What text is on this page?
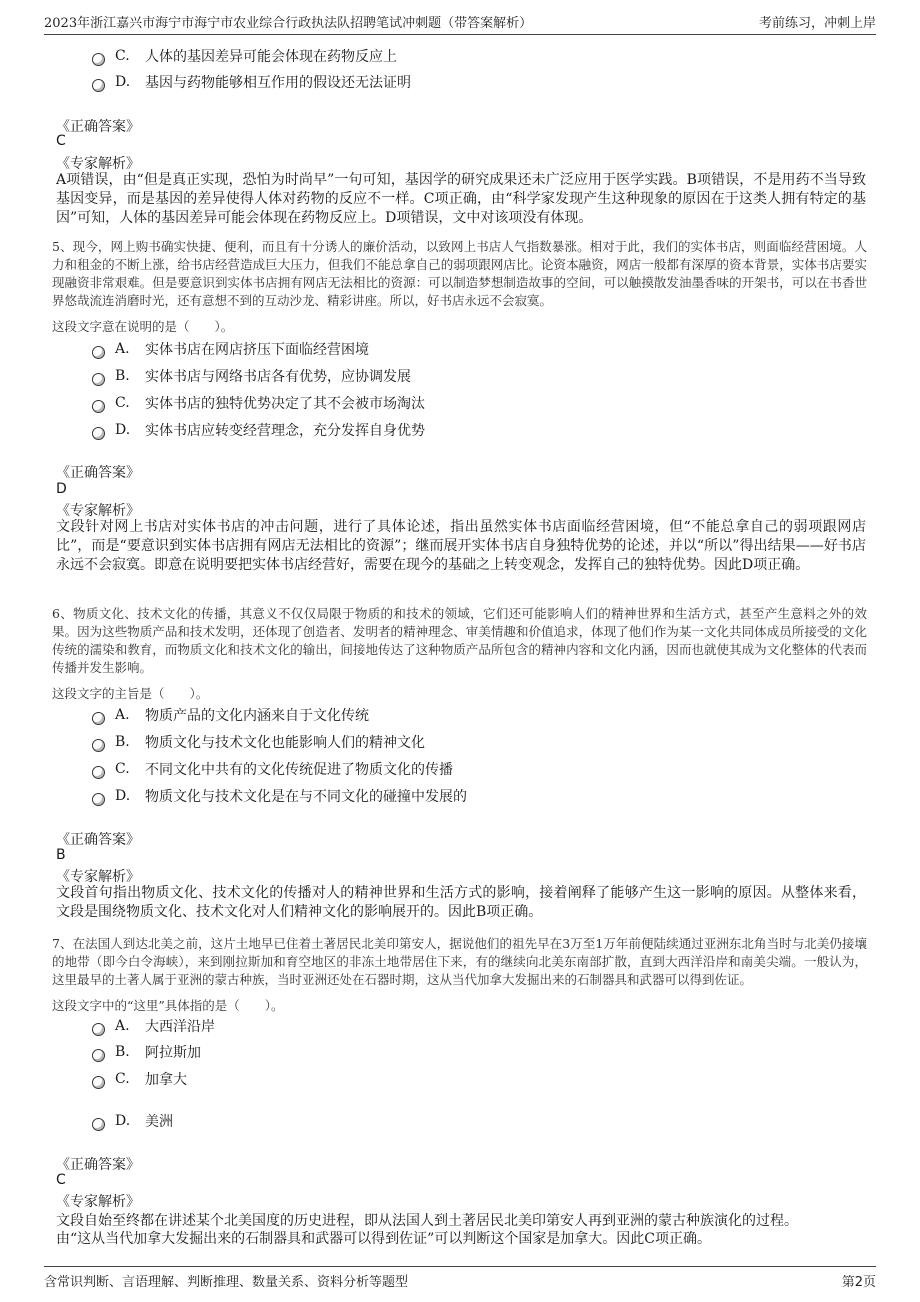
2023年浙江嘉兴市海宁市海宁市农业综合行政执法队招聘笔试冲刺题（带答案解析）	考前练习，冲刺上岸
C.	人体的基因差异可能会体现在药物反应上
D.	基因与药物能够相互作用的假设还无法证明
《正确答案》
C
《专家解析》
A项错误，由“但是真正实现，恐怕为时尚早”一句可知，基因学的研究成果还未广泛应用于医学实践。B项错误，不是用药不当导致基因变异，而是基因的差异使得人体对药物的反应不一样。C项正确，由“科学家发现产生这种现象的原因在于这类人拥有特定的基因”可知，人体的基因差异可能会体现在药物反应上。D项错误，文中对该项没有体现。
5、现今，网上购书确实快捷、便利，而且有十分诱人的廉价活动，以致网上书店人气指数暴涨。相对于此，我们的实体书店，则面临经营困境。人力和租金的不断上涨，给书店经营造成巨大压力，但我们不能总拿自己的弱项跟网店比。论资本融资，网店一般都有深厚的资本背景，实体书店要实现融资非常艰难。但是要意识到实体书店拥有网店无法相比的资源：可以制造梦想制造故事的空间，可以触摸散发油墨香味的开架书，可以在书香世界悠哉流连消磨时光，还有意想不到的互动沙龙、精彩讲座。所以，好书店永远不会寂寞。
这段文字意在说明的是（　　）。
A.	实体书店在网店挤压下面临经营困境
B.	实体书店与网络书店各有优势，应协调发展
C.	实体书店的独特优势决定了其不会被市场淘汰
D.	实体书店应转变经营理念，充分发挥自身优势
《正确答案》
D
《专家解析》
文段针对网上书店对实体书店的冲击问题，进行了具体论述，指出虽然实体书店面临经营困境，但“不能总拿自己的弱项跟网店比”，而是“要意识到实体书店拥有网店无法相比的资源”；继而展开实体书店自身独特优势的论述，并以“所以”得出结果——好书店永远不会寂寞。即意在说明要把实体书店经营好，需要在现今的基础之上转变观念，发挥自己的独特优势。因此D项正确。
6、物质文化、技术文化的传播，其意义不仅仅局限于物质的和技术的领域，它们还可能影响人们的精神世界和生活方式，甚至产生意料之外的效果。因为这些物质产品和技术发明，还体现了创造者、发明者的精神理念、审美情趣和价值追求，体现了他们作为某一文化共同体成员所接受的文化传统的濡染和教育，而物质文化和技术文化的输出，间接地传达了这种物质产品所包含的精神内容和文化内涵，因而也就使其成为文化整体的代表而传播并发生影响。
这段文字的主旨是（　　）。
A.	物质产品的文化内涵来自于文化传统
B.	物质文化与技术文化也能影响人们的精神文化
C.	不同文化中共有的文化传统促进了物质文化的传播
D.	物质文化与技术文化是在与不同文化的碰撞中发展的
《正确答案》
B
《专家解析》
文段首句指出物质文化、技术文化的传播对人的精神世界和生活方式的影响，接着阐释了能够产生这一影响的原因。从整体来看，文段是围绕物质文化、技术文化对人们精神文化的影响展开的。因此B项正确。
7、在法国人到达北美之前，这片土地早已住着土著居民北美印第安人，据说他们的祖先早在3万至1万年前便陆续通过亚洲东北角当时与北美仍接壤的地带（即今白令海峡），来到刚拉斯加和育空地区的非冻土地带居住下来，有的继续向北美东南部扩散，直到大西洋沿岸和南美尖端。一般认为，这里最早的土著人属于亚洲的蒙古种族，当时亚洲还处在石器时期，这从当代加拿大发掘出来的石制器具和武器可以得到佐证。
这段文字中的“这里”具体指的是（　　）。
A.	大西洋沿岸
B.	阿拉斯加
C.	加拿大
D.	美洲
《正确答案》
C
《专家解析》
文段自始至终都在讲述某个北美国度的历史进程，即从法国人到土著居民北美印第安人再到亚洲的蒙古种族演化的过程。
由“这从当代加拿大发掘出来的石制器具和武器可以得到佐证”可以判断这个国家是加拿大。因此C项正确。
含常识判断、言语理解、判断推理、数量关系、资料分析等题型	第2页
